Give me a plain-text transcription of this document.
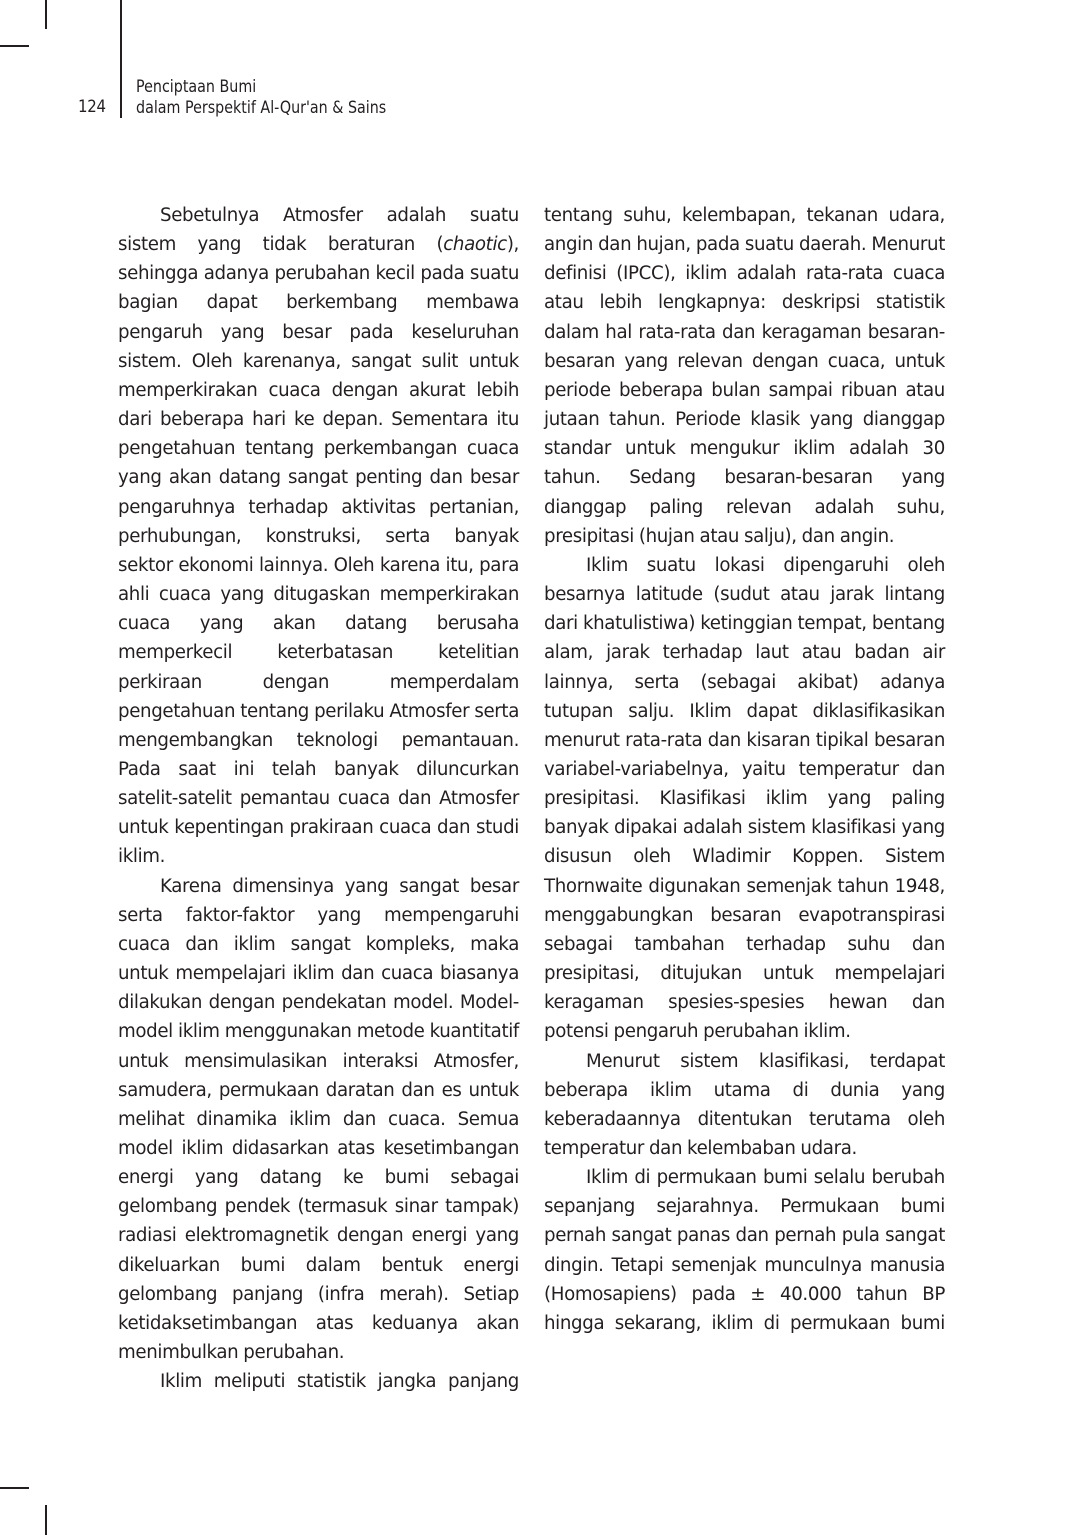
124
Penciptaan Bumi
dalam Perspektif Al-Qur'an & Sains

Sebetulnya Atmosfer adalah suatu sistem yang tidak beraturan (chaotic), sehingga adanya perubahan kecil pada suatu bagian dapat berkembang membawa pengaruh yang besar pada keseluruhan sistem. Oleh karenanya, sangat sulit untuk memperkirakan cuaca dengan akurat lebih dari beberapa hari ke depan. Sementara itu pengetahuan tentang perkembangan cuaca yang akan datang sangat penting dan besar pengaruhnya terhadap aktivitas pertanian, perhubungan, konstruksi, serta banyak sektor ekonomi lainnya. Oleh karena itu, para ahli cuaca yang ditugaskan memperkirakan cuaca yang akan datang berusaha memperkecil keterbatasan ketelitian perkiraan dengan memperdalam pengetahuan tentang perilaku Atmosfer serta mengembangkan teknologi pemantauan. Pada saat ini telah banyak diluncurkan satelit-satelit pemantau cuaca dan Atmosfer untuk kepentingan prakiraan cuaca dan studi iklim.

Karena dimensinya yang sangat besar serta faktor-faktor yang mempengaruhi cuaca dan iklim sangat kompleks, maka untuk mempelajari iklim dan cuaca biasanya dilakukan dengan pendekatan model. Model-model iklim menggunakan metode kuantitatif untuk mensimulasikan interaksi Atmosfer, samudera, permukaan daratan dan es untuk melihat dinamika iklim dan cuaca. Semua model iklim didasarkan atas kesetimbangan energi yang datang ke bumi sebagai gelombang pendek (termasuk sinar tampak) radiasi elektromagnetik dengan energi yang dikeluarkan bumi dalam bentuk energi gelombang panjang (infra merah). Setiap ketidaksetimbangan atas keduanya akan menimbulkan perubahan.

Iklim meliputi statistik jangka panjang

tentang suhu, kelembapan, tekanan udara, angin dan hujan, pada suatu daerah. Menurut definisi (IPCC), iklim adalah rata-rata cuaca atau lebih lengkapnya: deskripsi statistik dalam hal rata-rata dan keragaman besaran-besaran yang relevan dengan cuaca, untuk periode beberapa bulan sampai ribuan atau jutaan tahun. Periode klasik yang dianggap standar untuk mengukur iklim adalah 30 tahun. Sedang besaran-besaran yang dianggap paling relevan adalah suhu, presipitasi (hujan atau salju), dan angin.

Iklim suatu lokasi dipengaruhi oleh besarnya latitude (sudut atau jarak lintang dari khatulistiwa) ketinggian tempat, bentang alam, jarak terhadap laut atau badan air lainnya, serta (sebagai akibat) adanya tutupan salju. Iklim dapat diklasifikasikan menurut rata-rata dan kisaran tipikal besaran variabel-variabelnya, yaitu temperatur dan presipitasi. Klasifikasi iklim yang paling banyak dipakai adalah sistem klasifikasi yang disusun oleh Wladimir Koppen. Sistem Thornwaite digunakan semenjak tahun 1948, menggabungkan besaran evapotranspirasi sebagai tambahan terhadap suhu dan presipitasi, ditujukan untuk mempelajari keragaman spesies-spesies hewan dan potensi pengaruh perubahan iklim.

Menurut sistem klasifikasi, terdapat beberapa iklim utama di dunia yang keberadaannya ditentukan terutama oleh temperatur dan kelembaban udara.

Iklim di permukaan bumi selalu berubah sepanjang sejarahnya. Permukaan bumi pernah sangat panas dan pernah pula sangat dingin. Tetapi semenjak munculnya manusia (Homosapiens) pada ± 40.000 tahun BP hingga sekarang, iklim di permukaan bumi
